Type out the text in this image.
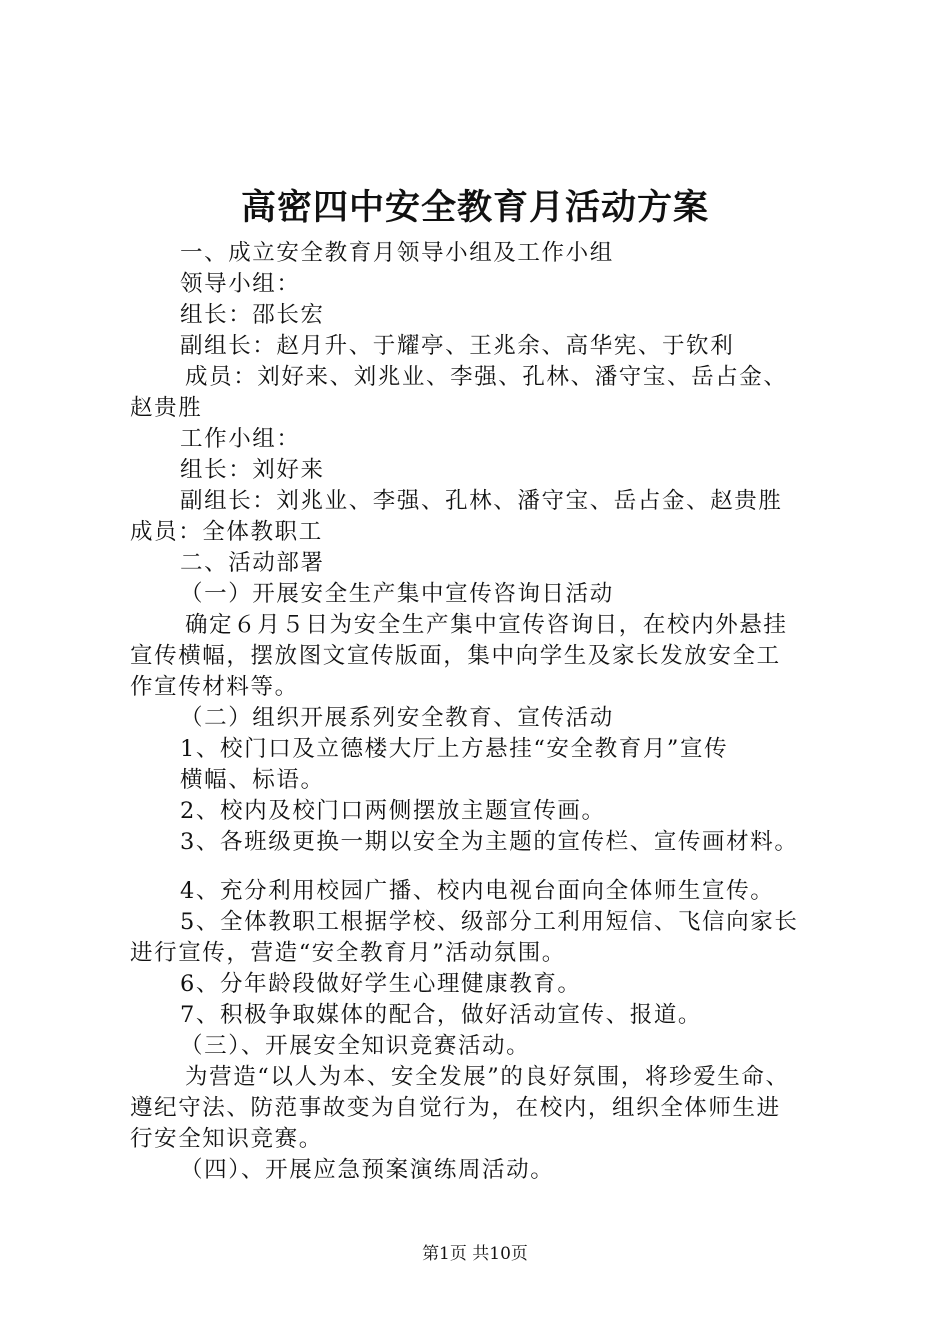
高密四中安全教育月活动方案
一、成立安全教育月领导小组及工作小组
领导小组：
组长：邵长宏
副组长：赵月升、于耀亭、王兆余、高华宪、于钦利
成员：刘好来、刘兆业、李强、孔林、潘守宝、岳占金、
赵贵胜
工作小组：
组长：刘好来
副组长：刘兆业、李强、孔林、潘守宝、岳占金、赵贵胜
成员：全体教职工
二、活动部署
（一）开展安全生产集中宣传咨询日活动
确定６月５日为安全生产集中宣传咨询日，在校内外悬挂
宣传横幅，摆放图文宣传版面，集中向学生及家长发放安全工
作宣传材料等。
（二）组织开展系列安全教育、宣传活动
1、校门口及立德楼大厅上方悬挂“安全教育月”宣传
横幅、标语。
2、校内及校门口两侧摆放主题宣传画。
3、各班级更换一期以安全为主题的宣传栏、宣传画材料。
4、充分利用校园广播、校内电视台面向全体师生宣传。
5、全体教职工根据学校、级部分工利用短信、飞信向家长
进行宣传，营造“安全教育月”活动氛围。
6、分年龄段做好学生心理健康教育。
7、积极争取媒体的配合，做好活动宣传、报道。
（三）、开展安全知识竞赛活动。
为营造“以人为本、安全发展”的良好氛围，将珍爱生命、
遵纪守法、防范事故变为自觉行为，在校内，组织全体师生进
行安全知识竞赛。
（四）、开展应急预案演练周活动。
第1页 共10页
